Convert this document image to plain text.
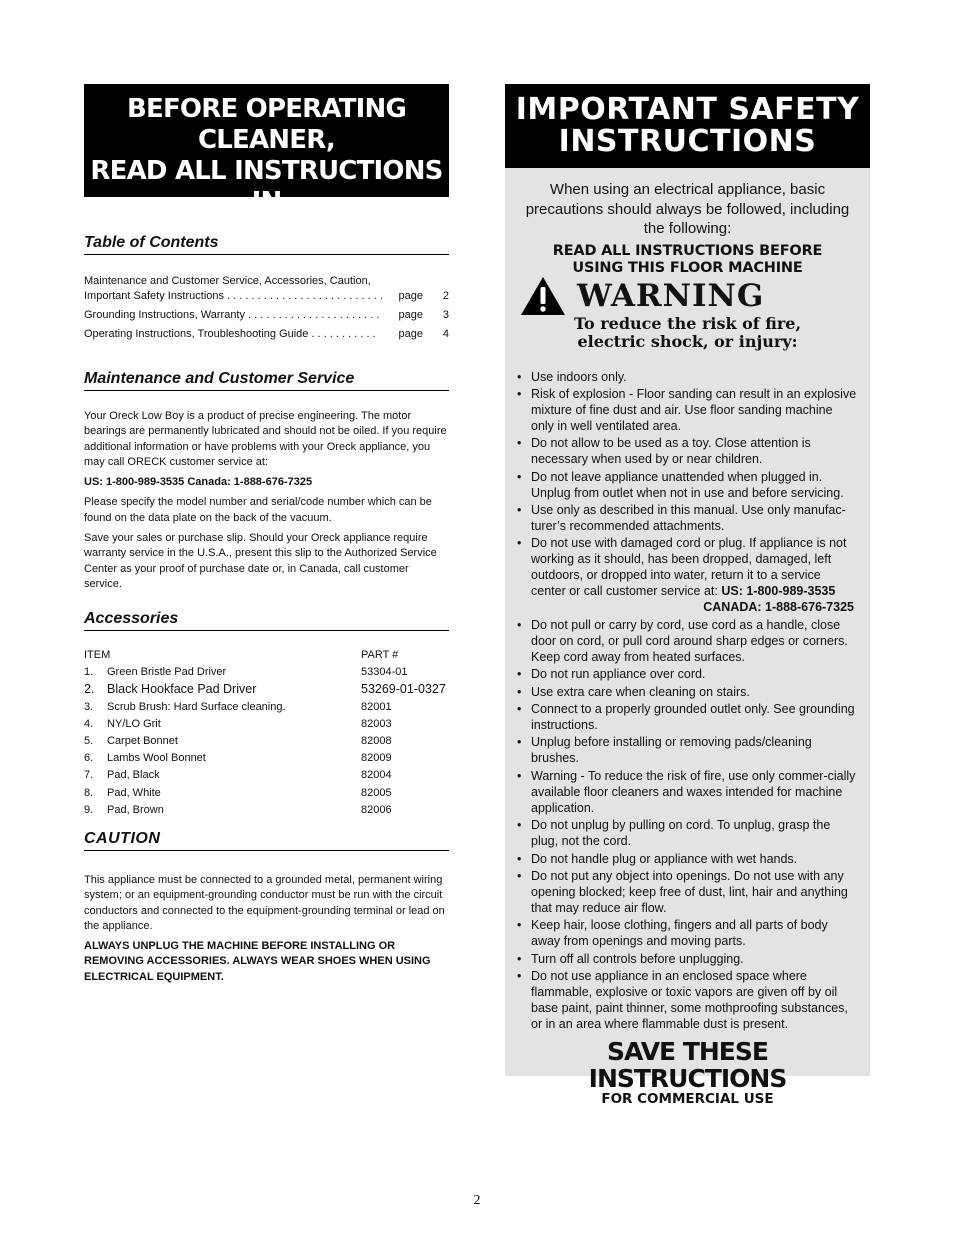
BEFORE OPERATING CLEANER,
READ ALL INSTRUCTIONS IN
THIS MANUAL CAREFULLY.
Table of Contents
Maintenance and Customer Service, Accessories, Caution,
Important Safety Instructions . . . . . . . . . . . . . . . . . . . . . . . . . .	page	2
Grounding Instructions, Warranty . . . . . . . . . . . . . . . . . . . . . .	page	3
Operating Instructions, Troubleshooting Guide . . . . . . . . . . .	page	4
Maintenance and Customer Service

Your Oreck Low Boy is a product of precise engineering. The motor bearings are permanently lubricated and should not be oiled. If you require additional information or have problems with your Oreck appliance, you may call ORECK customer service at:

US: 1-800-989-3535 Canada: 1-888-676-7325

Please specify the model number and serial/code number which can be found on the data plate on the back of the vacuum.

Save your sales or purchase slip. Should your Oreck appliance require warranty service in the U.S.A., present this slip to the Authorized Service Center as your proof of purchase date or, in Canada, call customer service.

Accessories
ITEM	PART #
1.	Green Bristle Pad Driver	53304-01
2.	Black Hookface Pad Driver	53269-01-0327
3.	Scrub Brush: Hard Surface cleaning.	82001
4.	NY/LO Grit	82003
5.	Carpet Bonnet	82008
6.	Lambs Wool Bonnet	82009
7.	Pad, Black	82004
8.	Pad, White	82005
9.	Pad, Brown	82006
CAUTION

This appliance must be connected to a grounded metal, permanent wiring system; or an equipment-grounding conductor must be run with the circuit conductors and connected to the equipment-grounding terminal or lead on the appliance.

ALWAYS UNPLUG THE MACHINE BEFORE INSTALLING OR REMOVING ACCESSORIES. ALWAYS WEAR SHOES WHEN USING ELECTRICAL EQUIPMENT.

IMPORTANT SAFETY
INSTRUCTIONS
When using an electrical appliance, basic precautions should always be followed, including the following:
READ ALL INSTRUCTIONS BEFORE
USING THIS FLOOR MACHINE
WARNING
To reduce the risk of fire,
electric shock, or injury:
• Use indoors only.
• Risk of explosion - Floor sanding can result in an explosive mixture of fine dust and air. Use floor sanding machine only in well ventilated area.
• Do not allow to be used as a toy. Close attention is necessary when used by or near children.
• Do not leave appliance unattended when plugged in. Unplug from outlet when not in use and before servicing.
• Use only as described in this manual. Use only manufac-turer’s recommended attachments.
• Do not use with damaged cord or plug. If appliance is not working as it should, has been dropped, damaged, left outdoors, or dropped into water, return it to a service center or call customer service at: US: 1-800-989-3535
CANADA: 1-888-676-7325
• Do not pull or carry by cord, use cord as a handle, close door on cord, or pull cord around sharp edges or corners. Keep cord away from heated surfaces.
• Do not run appliance over cord.
• Use extra care when cleaning on stairs.
• Connect to a properly grounded outlet only. See grounding instructions.
• Unplug before installing or removing pads/cleaning brushes.
• Warning - To reduce the risk of fire, use only commer-cially available floor cleaners and waxes intended for machine application.
• Do not unplug by pulling on cord. To unplug, grasp the plug, not the cord.
• Do not handle plug or appliance with wet hands.
• Do not put any object into openings. Do not use with any opening blocked; keep free of dust, lint, hair and anything that may reduce air flow.
• Keep hair, loose clothing, fingers and all parts of body away from openings and moving parts.
• Turn off all controls before unplugging.
• Do not use appliance in an enclosed space where flammable, explosive or toxic vapors are given off by oil base paint, paint thinner, some mothproofing substances, or in an area where flammable dust is present.
SAVE THESE INSTRUCTIONS
FOR COMMERCIAL USE
2
